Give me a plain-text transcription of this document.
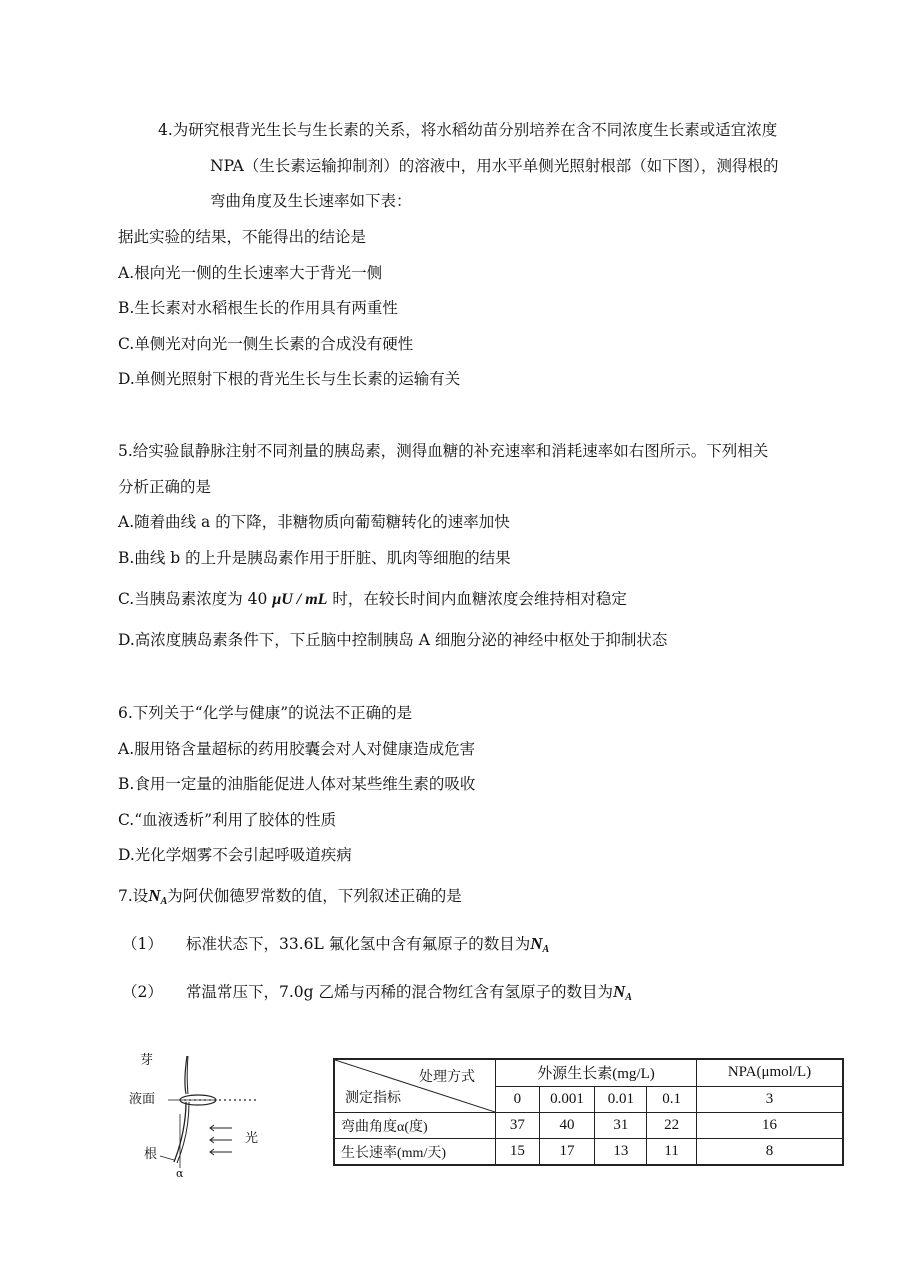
4.为研究根背光生长与生长素的关系，将水稻幼苗分别培养在含不同浓度生长素或适宜浓度
NPA（生长素运输抑制剂）的溶液中，用水平单侧光照射根部（如下图），测得根的
弯曲角度及生长速率如下表：
据此实验的结果，不能得出的结论是
A.根向光一侧的生长速率大于背光一侧
B.生长素对水稻根生长的作用具有两重性
C.单侧光对向光一侧生长素的合成没有硬性
D.单侧光照射下根的背光生长与生长素的运输有关
5.给实验鼠静脉注射不同剂量的胰岛素，测得血糖的补充速率和消耗速率如右图所示。下列相关
分析正确的是
A.随着曲线 a 的下降，非糖物质向葡萄糖转化的速率加快
B.曲线 b 的上升是胰岛素作用于肝脏、肌肉等细胞的结果
C.当胰岛素浓度为 40 μU / mL 时，在较长时间内血糖浓度会维持相对稳定
D.高浓度胰岛素条件下，下丘脑中控制胰岛 A 细胞分泌的神经中枢处于抑制状态
6.下列关于“化学与健康”的说法不正确的是
A.服用铬含量超标的药用胶囊会对人对健康造成危害
B.食用一定量的油脂能促进人体对某些维生素的吸收
C.“血液透析”利用了胶体的性质
D.光化学烟雾不会引起呼吸道疾病
7.设NA为阿伏伽德罗常数的值，下列叙述正确的是
（1） 标准状态下，33.6L 氟化氢中含有氟原子的数目为NA
（2） 常温常压下，7.0g 乙烯与丙稀的混合物红含有氢原子的数目为NA
芽
液面
根
光
α
处理方式
测定指标	外源生长素(mg/L)				NPA(μmol/L)
	0	0.001	0.01	0.1	3
弯曲角度α(度)	37	40	31	22	16
生长速率(mm/天)	15	17	13	11	8
